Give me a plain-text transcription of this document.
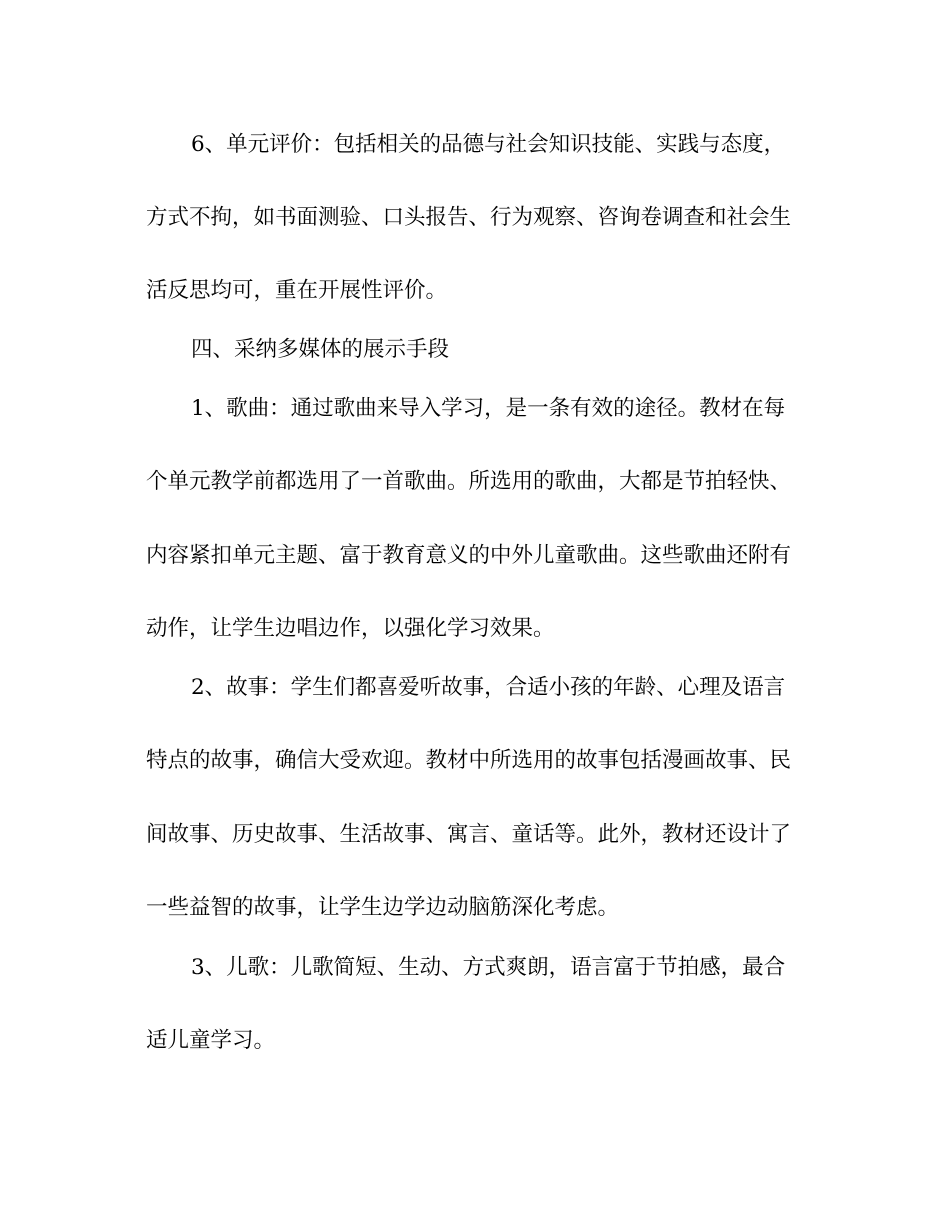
6、单元评价：包括相关的品德与社会知识技能、实践与态度，
方式不拘，如书面测验、口头报告、行为观察、咨询卷调查和社会生
活反思均可，重在开展性评价。
四、采纳多媒体的展示手段
1、歌曲：通过歌曲来导入学习，是一条有效的途径。教材在每
个单元教学前都选用了一首歌曲。所选用的歌曲，大都是节拍轻快、
内容紧扣单元主题、富于教育意义的中外儿童歌曲。这些歌曲还附有
动作，让学生边唱边作，以强化学习效果。
2、故事：学生们都喜爱听故事，合适小孩的年龄、心理及语言
特点的故事，确信大受欢迎。教材中所选用的故事包括漫画故事、民
间故事、历史故事、生活故事、寓言、童话等。此外，教材还设计了
一些益智的故事，让学生边学边动脑筋深化考虑。
3、儿歌：儿歌简短、生动、方式爽朗，语言富于节拍感，最合
适儿童学习。
